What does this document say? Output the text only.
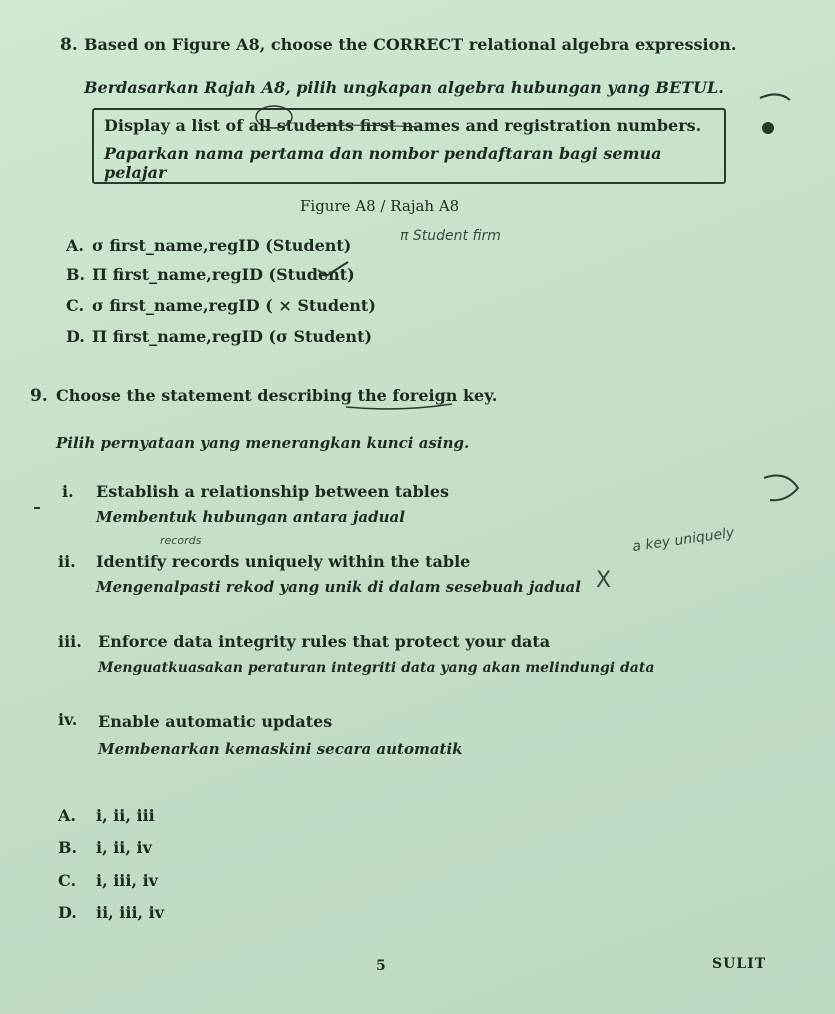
8. Based on Figure A8, choose the CORRECT relational algebra expression.
Berdasarkan Rajah A8, pilih ungkapan algebra hubungan yang BETUL.
Display a list of all students first names and registration numbers.
Paparkan nama pertama dan nombor pendaftaran bagi semua pelajar
Figure A8 / Rajah A8
A. σ first_name,regID (Student)
B. Π first_name,regID (Student)
C. σ first_name,regID ( × Student)
D. Π first_name,regID (σ Student)
π Student firm
9. Choose the statement describing the foreign key.
Pilih pernyataan yang menerangkan kunci asing.
i. Establish a relationship between tables
Membentuk hubungan antara jadual
ii. Identify records uniquely within the table
Mengenalpasti rekod yang unik di dalam sesebuah jadual
iii. Enforce data integrity rules that protect your data
Menguatkuasakan peraturan integriti data yang akan melindungi data
iv. Enable automatic updates
Membenarkan kemaskini secara automatik
records	a key uniquely
X
A. i, ii, iii
B. i, ii, iv
C. i, iii, iv
D. ii, iii, iv
5	SULIT
